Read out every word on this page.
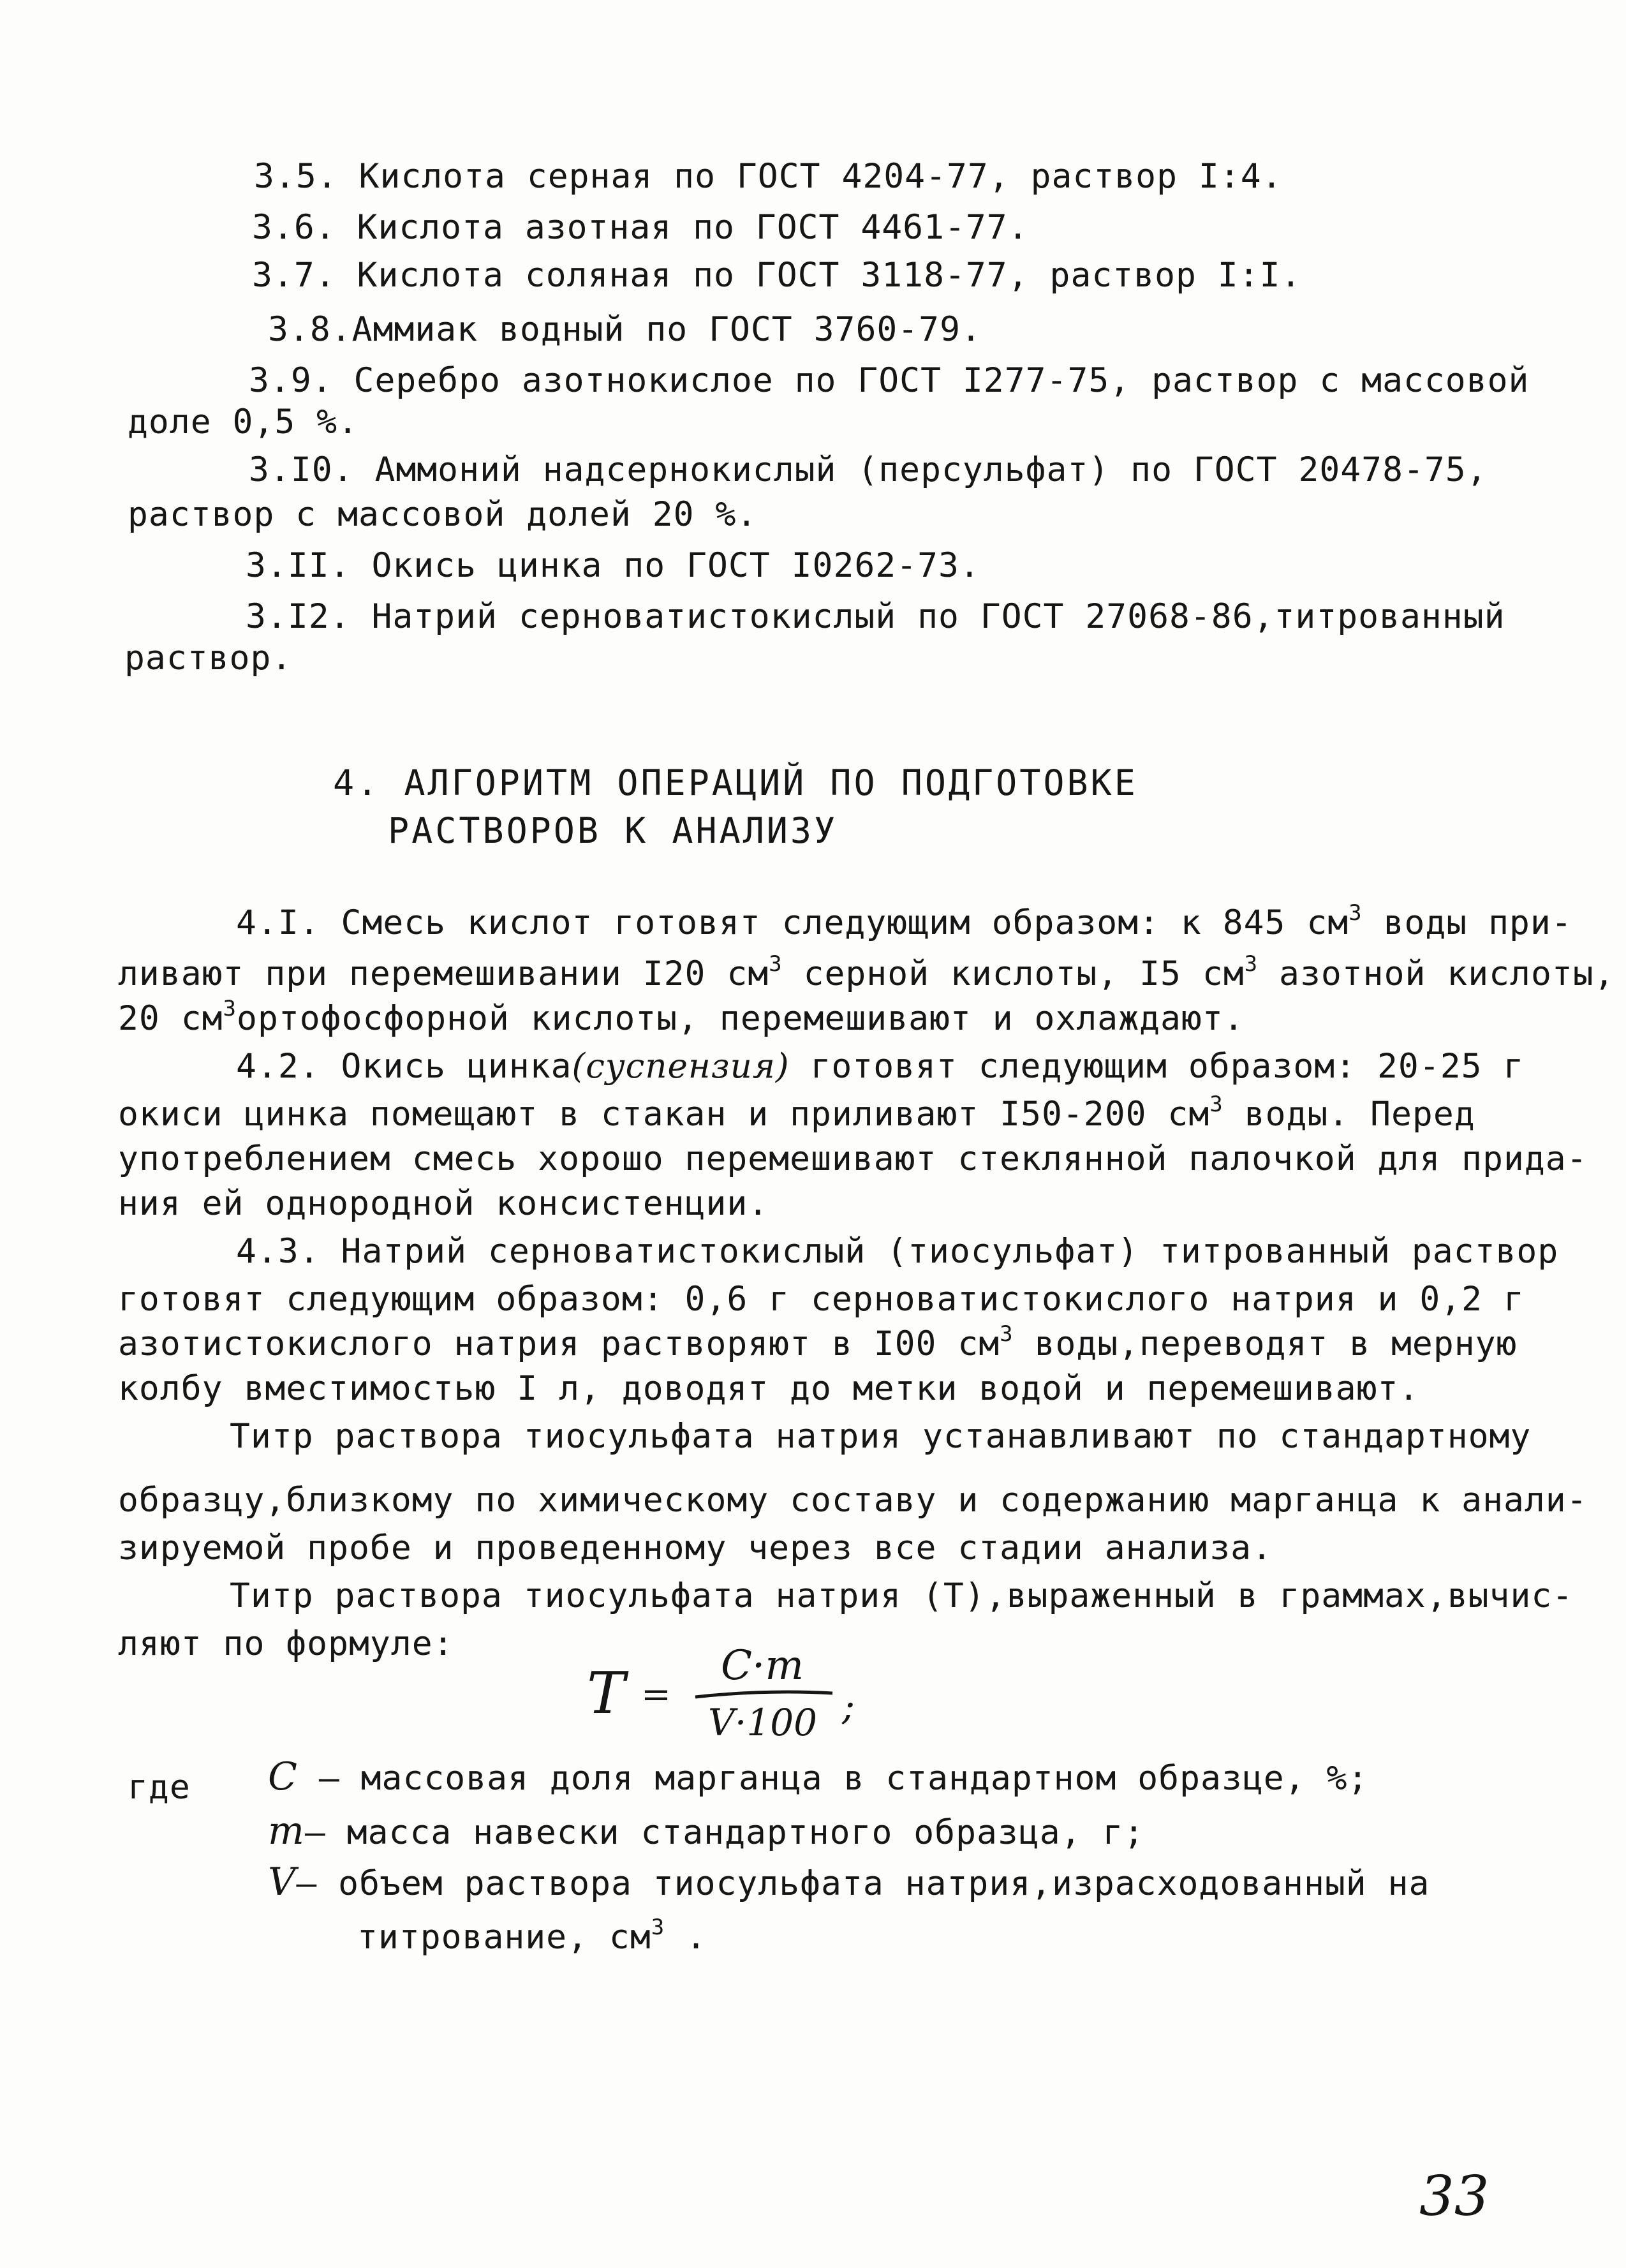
3.5. Кислота серная по ГОСТ 4204-77, раствор I:4.
3.6. Кислота азотная по ГОСТ 4461-77.
3.7. Кислота соляная по ГОСТ 3118-77, раствор I:I.
3.8.Аммиак водный по ГОСТ 3760-79.
3.9. Серебро азотнокислое по ГОСТ I277-75, раствор с массовой
доле 0,5 %.
3.I0. Аммоний надсернокислый (персульфат) по ГОСТ 20478-75,
раствор с массовой долей 20 %.
3.II. Окись цинка по ГОСТ I0262-73.
3.I2. Натрий серноватистокислый по ГОСТ 27068-86,титрованный
раствор.
4. АЛГОРИТМ ОПЕРАЦИЙ ПО ПОДГОТОВКЕ
РАСТВОРОВ К АНАЛИЗУ
4.I. Смесь кислот готовят следующим образом: к 845 $см^3$ воды при-
ливают при перемешивании I20 $см^3$ серной кислоты, I5 $см^3$ азотной кислоты,
20 $см^3ортофосфорной$ кислоты, перемешивают и охлаждают.
4.2. Окись цинка(суспензия) готовят следующим образом: 20-25 г
окиси цинка помещают в стакан и приливают I50-200 $см^3$ воды. Перед
употреблением смесь хорошо перемешивают стеклянной палочкой для прида-
ния ей однородной консистенции.
4.3. Натрий серноватистокислый (тиосульфат) титрованный раствор
готовят следующим образом: 0,6 г серноватистокислого натрия и 0,2 г
азотистокислого натрия растворяют в I00 $см^3$ воды,переводят в мерную
колбу вместимостью I л, доводят до метки водой и перемешивают.
Титр раствора тиосульфата натрия устанавливают по стандартному
образцу,близкому по химическому составу и содержанию марганца к анали-
зируемой пробе и проведенному через все стадии анализа.
Титр раствора тиосульфата натрия (Т),выраженный в граммах,вычис-
ляют по формуле:
T =
C·m
V·100 ;
где C – массовая доля марганца в стандартном образце, %;
m– масса навески стандартного образца, г;
V– объем раствора тиосульфата натрия,израсходованный на
титрование, $см^3$ .
33
